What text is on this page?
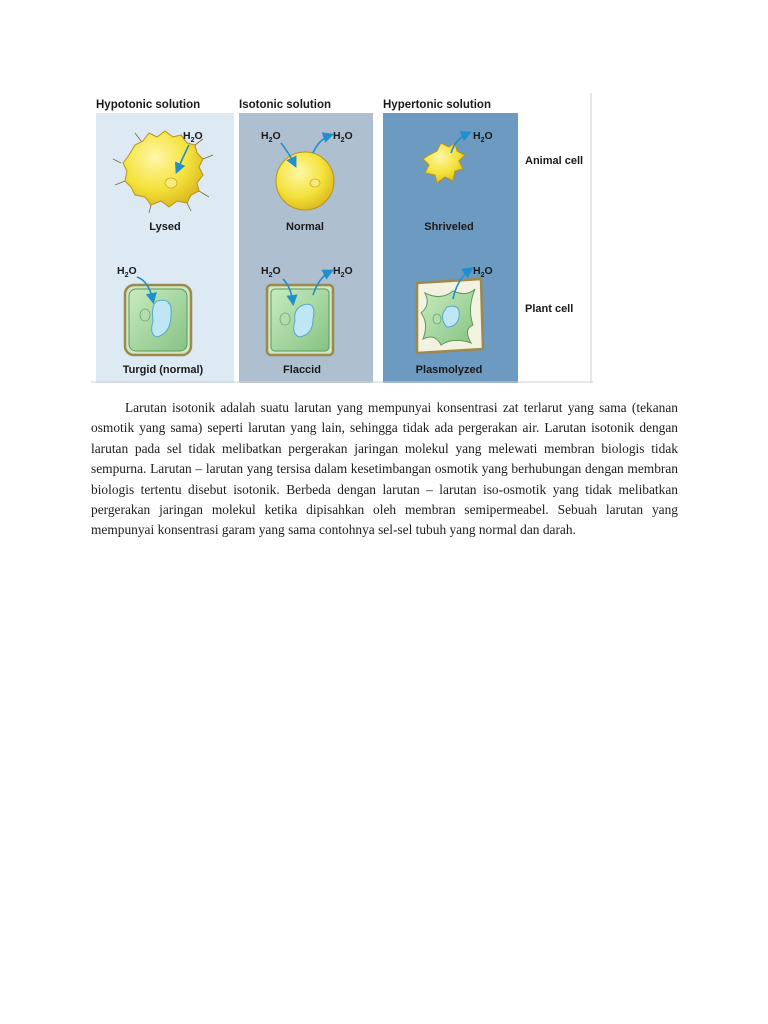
Hypotonic solution	Isotonic solution	Hypertonic solution
Animal cell
Plant cell
$H_2O$
Lysed
$H_2O$	$H_2O$
Normal
$H_2O$
Shriveled
$H_2O$
Turgid (normal)
$H_2O$	$H_2O$
Flaccid
$H_2O$
Plasmolyzed

Larutan isotonik adalah suatu larutan yang mempunyai konsentrasi zat terlarut yang sama (tekanan osmotik yang sama) seperti larutan yang lain, sehingga tidak ada pergerakan air. Larutan isotonik dengan larutan pada sel tidak melibatkan pergerakan jaringan molekul yang melewati membran biologis tidak sempurna. Larutan – larutan yang tersisa dalam kesetimbangan osmotik yang berhubungan dengan membran biologis tertentu disebut isotonik. Berbeda dengan larutan – larutan iso-osmotik yang tidak melibatkan pergerakan jaringan molekul ketika dipisahkan oleh membran semipermeabel. Sebuah larutan yang mempunyai konsentrasi garam yang sama contohnya sel-sel tubuh yang normal dan darah.
